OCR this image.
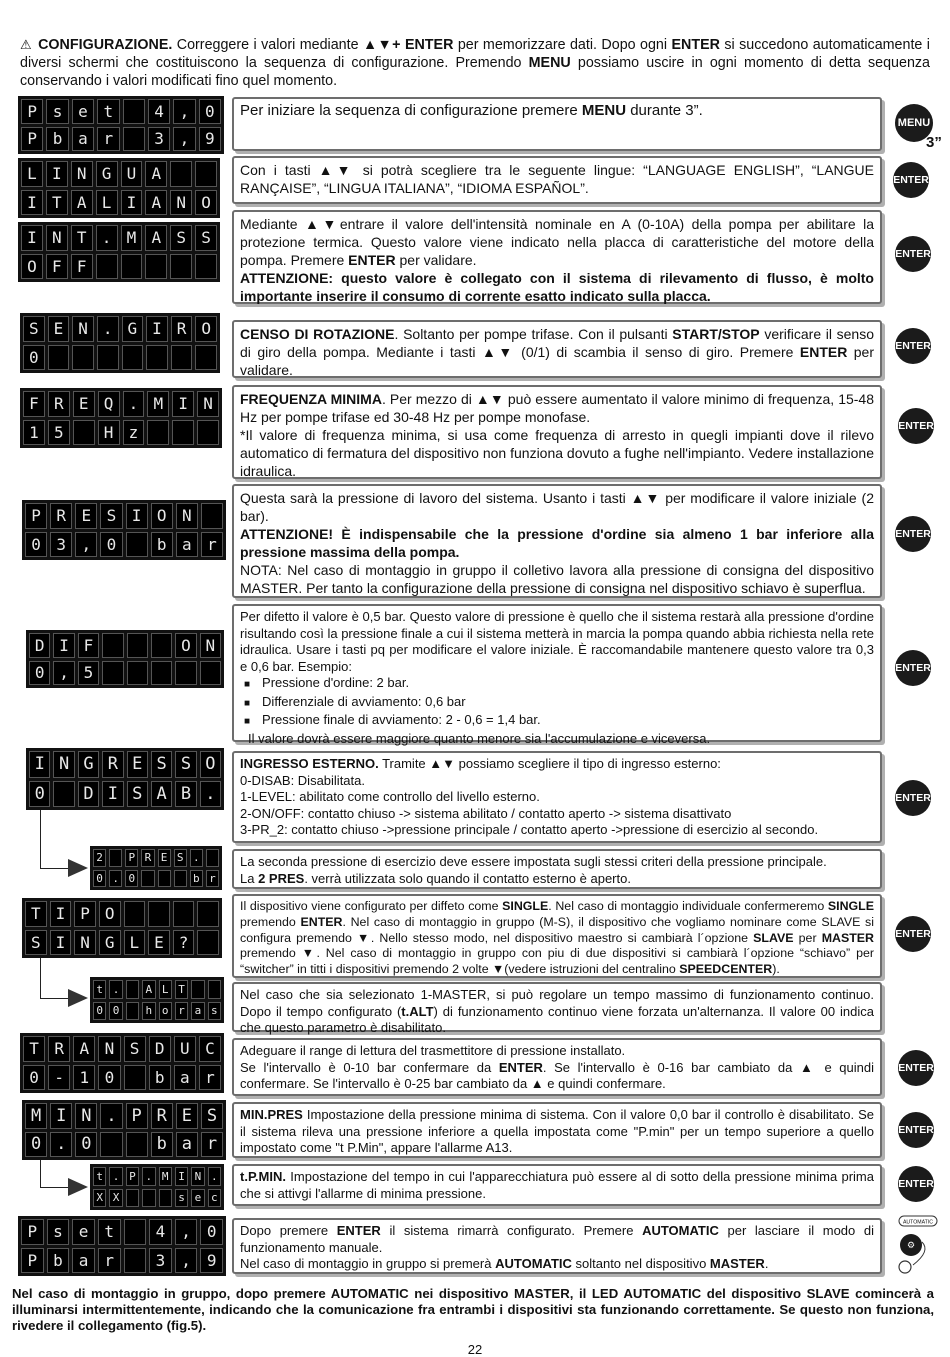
⚠ CONFIGURAZIONE. Correggere i valori mediante ▲▼+ ENTER per memorizzare dati. Dopo ogni ENTER si succedono automaticamente i diversi schermi che costituiscono la sequenza di configurazione. Premendo MENU possiamo uscire in ogni momento di detta sequenza conservando i valori modificati fino quel momento.
P s e t	4 , 0
P b a r	3 , 9
L I N G U A
I T A L I A N O
I N T . M A S S
O F F
S E N . G I R O
0
F R E Q . M I N
1 5	H z
P R E S I O N
0 3 , 0	b a r
D I F	O N
0 , 5
I N G R E S S O
0	D I S A B .
2 P R E S .
0 . 0	b r
T I P O
S I N G L E ?
t .	A L T
0 0	h o r a s
T R A N S D U C
0 - 1 0	b a r
M I N . P R E S
0 . 0	b a r
t . P . M I N .
X X	s e c
P s e t	4 , 0
P b a r	3 , 9

Per iniziare la sequenza di configurazione premere MENU durante 3”.

Con i tasti ▲▼ si potrà scegliere tra le seguente lingue: “LANGUAGE ENGLISH”, “LANGUE RANÇAISE”, “LINGUA ITALIANA”, “IDIOMA ESPAÑOL”.

Mediante ▲▼entrare il valore dell'intensità nominale en A (0-10A) della pompa per abilitare la protezione termica. Questo valore viene indicato nella placca di caratteristiche del motore della pompa. Premere ENTER per validare.

ATTENZIONE: questo valore è collegato con il sistema di rilevamento di flusso, è molto importante inserire il consumo di corrente esatto indicato sulla placca.

CENSO DI ROTAZIONE. Soltanto per pompe trifase. Con il pulsanti START/STOP verificare il senso di giro della pompa. Mediante i tasti ▲▼ (0/1) di scambia il senso di giro. Premere ENTER per validare.

FREQUENZA MINIMA. Per mezzo di ▲▼ può essere aumentato il valore minimo di frequenza, 15-48 Hz per pompe trifase ed 30-48 Hz per pompe monofase.

*Il valore di frequenza minima, si usa come frequenza di arresto in quegli impianti dove il rilevo automatico di fermatura del dispositivo non funziona dovuto a fughe nell'impianto. Vedere installazione idraulica.

Questa sarà la pressione di lavoro del sistema. Usanto i tasti ▲▼ per modificare il valore iniziale (2 bar).

ATTENZIONE! È indispensabile che la pressione d'ordine sia almeno 1 bar inferiore alla pressione massima della pompa.

NOTA: Nel caso di montaggio in gruppo il colletivo lavora alla pressione di consigna del dispositivo MASTER. Per tanto la configurazione della pressione di consigna nel dispositivo schiavo è superflua.

Per difetto il valore è 0,5 bar. Questo valore di pressione è quello che il sistema restarà alla pressione d'ordine risultando così la pressione finale a cui il sistema metterà in marcia la pompa quando abbia richiesta nella rete idraulica. Usare i tasti pq per modificare el valore iniziale. È raccomandabile mantenere questo valore tra 0,3 e 0,6 bar. Esempio:

■ Pressione d'ordine: 2 bar.
■ Differenziale di avviamento: 0,6 bar
■ Pressione finale di avviamento: 2 - 0,6 = 1,4 bar.

Il valore dovrà essere maggiore quanto menore sia l'accumulazione e viceversa.

INGRESSO ESTERNO. Tramite ▲▼ possiamo scegliere il tipo di ingresso esterno:

0-DISAB: Disabilitata.

1-LEVEL: abilitato come controllo del livello esterno.

2-ON/OFF: contatto chiuso -> sistema abilitato / contatto aperto -> sistema disattivato

3-PR_2: contatto chiuso ->pressione principale / contatto aperto ->pressione di esercizio al secondo.

La seconda pressione di esercizio deve essere impostata sugli stessi criteri della pressione principale.

La 2 PRES. verrà utilizzata solo quando il contatto esterno è aperto.

Il dispositivo viene configurato per diffeto come SINGLE. Nel caso di montaggio individuale confermeremo SINGLE premendo ENTER. Nel caso di montaggio in gruppo (M-S), il dispositivo che vogliamo nominare come SLAVE si configura premendo ▼. Nello stesso modo, nel dispositivo maestro si cambiarà l´opzione SLAVE per MASTER premendo ▼. Nel caso di montaggio in gruppo con piu di due dispositivi si cambiarà l´opzione “schiavo” per “switcher” in titti i dispositivi premendo 2 volte ▼(vedere istruzioni del centralino SPEEDCENTER).

Nel caso che sia selezionato 1-MASTER, si può regolare un tempo massimo di funzionamento continuo. Dopo il tempo configurato (t.ALT) di funzionamento continuo viene forzata un'alternanza. Il valore 00 indica che questo parametro è disabilitato.

Adeguare il range di lettura del trasmettitore di pressione installato.

Se l'intervallo è 0-10 bar confermare da ENTER. Se l'intervallo è 0-16 bar cambiato da ▲ e quindi confermare. Se l'intervallo è 0-25 bar cambiato da ▲ e quindi confermare.

MIN.PRES Impostazione della pressione minima di sistema. Con il valore 0,0 bar il controllo è disabilitato. Se il sistema rileva una pressione inferiore a quella impostata come "P.min" per un tempo superiore a quello impostato come "t P.Min", appare l'allarme A13.

t.P.MIN. Impostazione del tempo in cui l'apparecchiatura può essere al di sotto della pressione minima prima che si attivgi l'allarme di minima pressione.

Dopo premere ENTER il sistema rimarrà configurato. Premere AUTOMATIC per lasciare il modo di funzionamento manuale.

Nel caso di montaggio in gruppo si premerà AUTOMATIC soltanto nel dispositivo MASTER.

MENU
3”
ENTER
ENTER
ENTER
ENTER
ENTER
ENTER
ENTER
ENTER
ENTER
ENTER
ENTER
AUTOMATIC
⚙
Nel caso di montaggio in gruppo, dopo premere AUTOMATIC nei dispositivo MASTER, il LED AUTOMATIC del dispositivo SLAVE comincerà a illuminarsi intermittentemente, indicando che la comunicazione fra entrambi i dispositivi sta funzionando correttamente. Se questo non funziona, rivedere il collegamento (fig.5).
22
